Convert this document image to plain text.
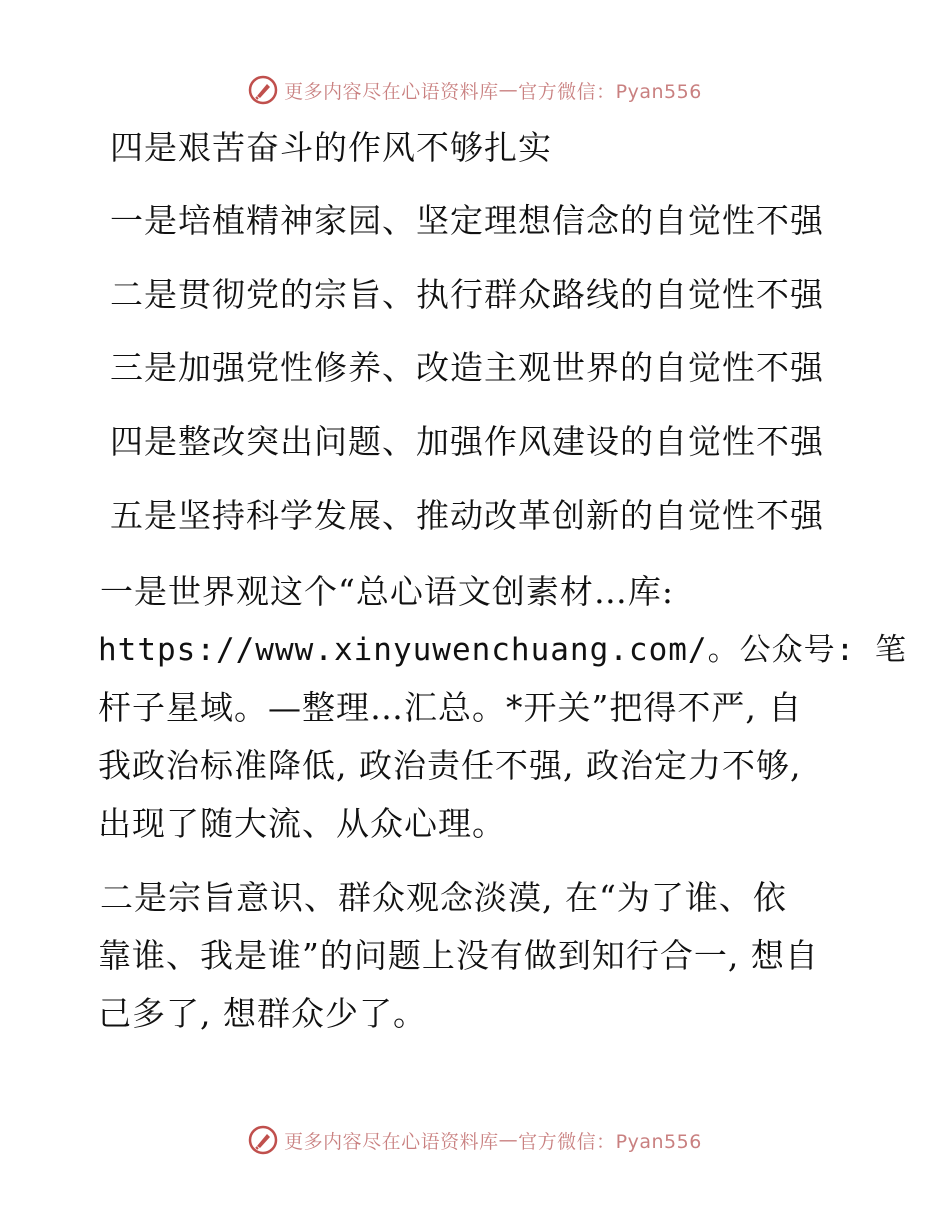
更多内容尽在心语资料库 — 官方微信：Pyan556
四是艰苦奋斗的作风不够扎实
一是培植精神家园、坚定理想信念的自觉性不强
二是贯彻党的宗旨、执行群众路线的自觉性不强
三是加强党性修养、改造主观世界的自觉性不强
四是整改突出问题、加强作风建设的自觉性不强
五是坚持科学发展、推动改革创新的自觉性不强
一是世界观这个“总心语文创素材…库:
https://www.xinyuwenchuang.com/。公众号: 笔
杆子星域。—整理…汇总。*开关”把得不严, 自
我政治标准降低, 政治责任不强, 政治定力不够,
出现了随大流、从众心理。
二是宗旨意识、群众观念淡漠, 在“为了谁、依
靠谁、我是谁”的问题上没有做到知行合一, 想自
己多了, 想群众少了。
更多内容尽在心语资料库 — 官方微信：Pyan556
